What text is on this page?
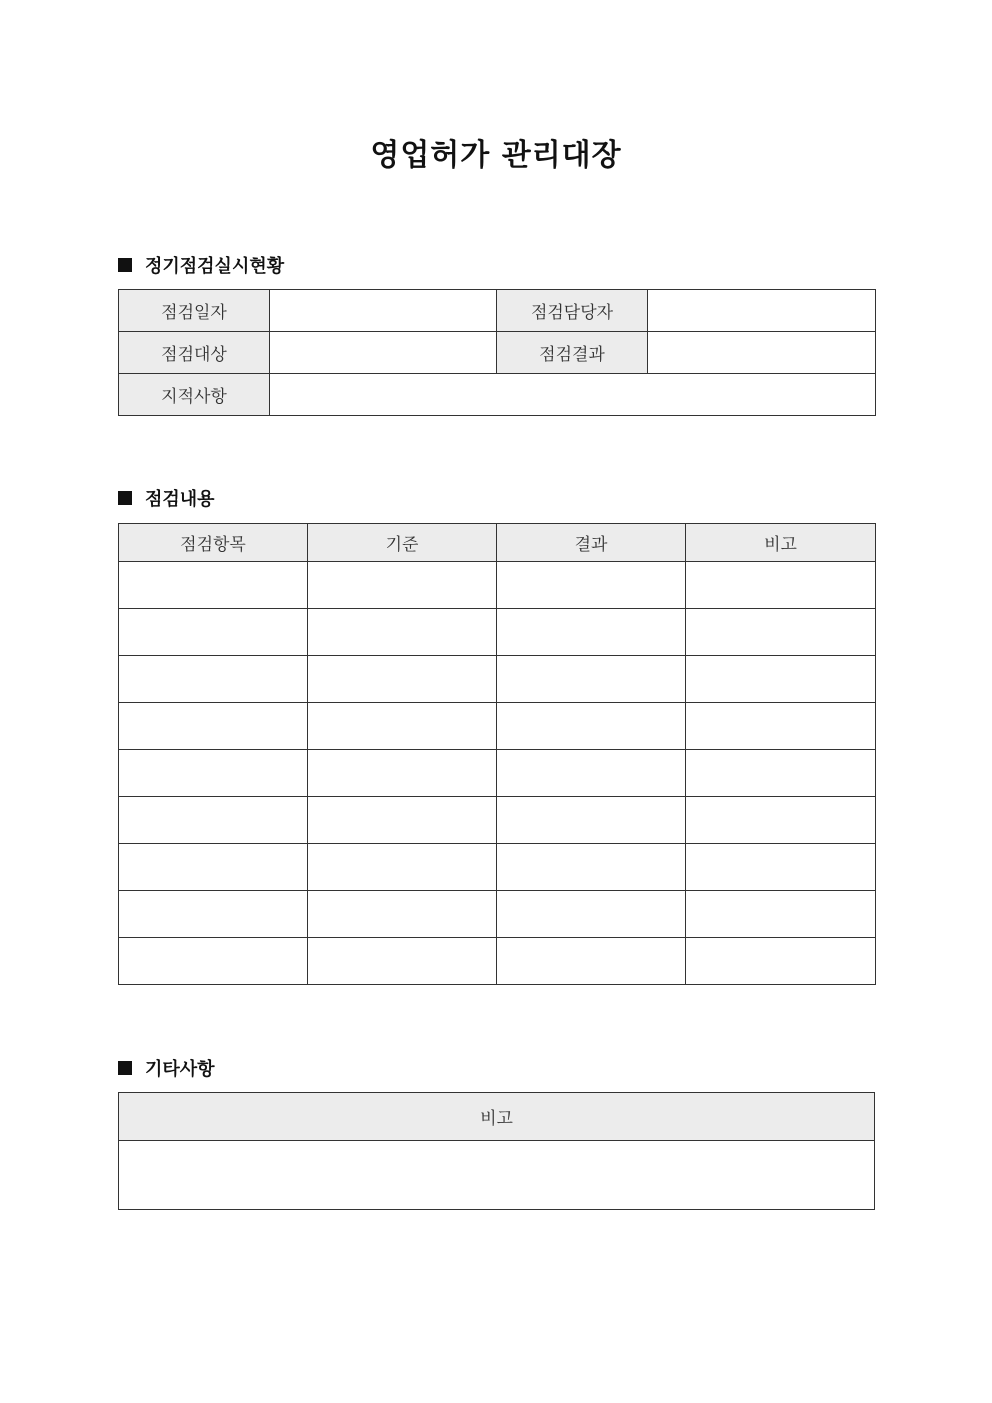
영업허가 관리대장
정기점검실시현황
점검일자		점검담당자	
점검대상		점검결과	
지적사항			
점검내용
점검항목	기준	결과	비고

기타사항
비고
